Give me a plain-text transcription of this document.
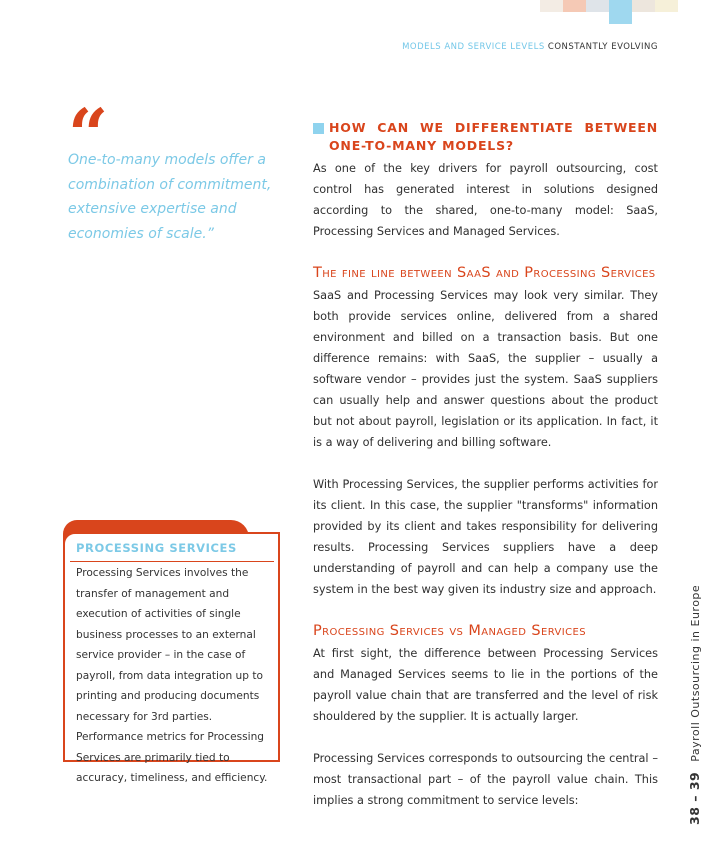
MODELS AND SERVICE LEVELS CONSTANTLY EVOLVING
“
One-to-many models offer a combination of commitment, extensive expertise and economies of scale.”
HOW CAN WE DIFFERENTIATE BETWEEN ONE-TO-MANY MODELS?

As one of the key drivers for payroll outsourcing, cost control has generated interest in solutions designed according to the shared, one-to-many model: SaaS, Processing Services and Managed Services.

The fine line between SaaS and Processing Services

SaaS and Processing Services may look very similar. They both provide services online, delivered from a shared environment and billed on a transaction basis. But one difference remains: with SaaS, the supplier – usually a software vendor – provides just the system. SaaS suppliers can usually help and answer questions about the product but not about payroll, legislation or its application. In fact, it is a way of delivering and billing software.

With Processing Services, the supplier performs activities for its client. In this case, the supplier "transforms" information provided by its client and takes responsibility for delivering results. Processing Services suppliers have a deep understanding of payroll and can help a company use the system in the best way given its industry size and approach.

Processing Services vs Managed Services

At first sight, the difference between Processing Services and Managed Services seems to lie in the portions of the payroll value chain that are transferred and the level of risk shouldered by the supplier. It is actually larger.

Processing Services corresponds to outsourcing the central – most transactional part – of the payroll value chain. This implies a strong commitment to service levels:

PROCESSING SERVICES
Processing Services involves the transfer of management and execution of activities of single business processes to an external service provider – in the case of payroll, from data integration up to printing and producing documents necessary for 3rd parties. Performance metrics for Processing Services are primarily tied to accuracy, timeliness, and efficiency.	38 – 39 Payroll Outsourcing in Europe
